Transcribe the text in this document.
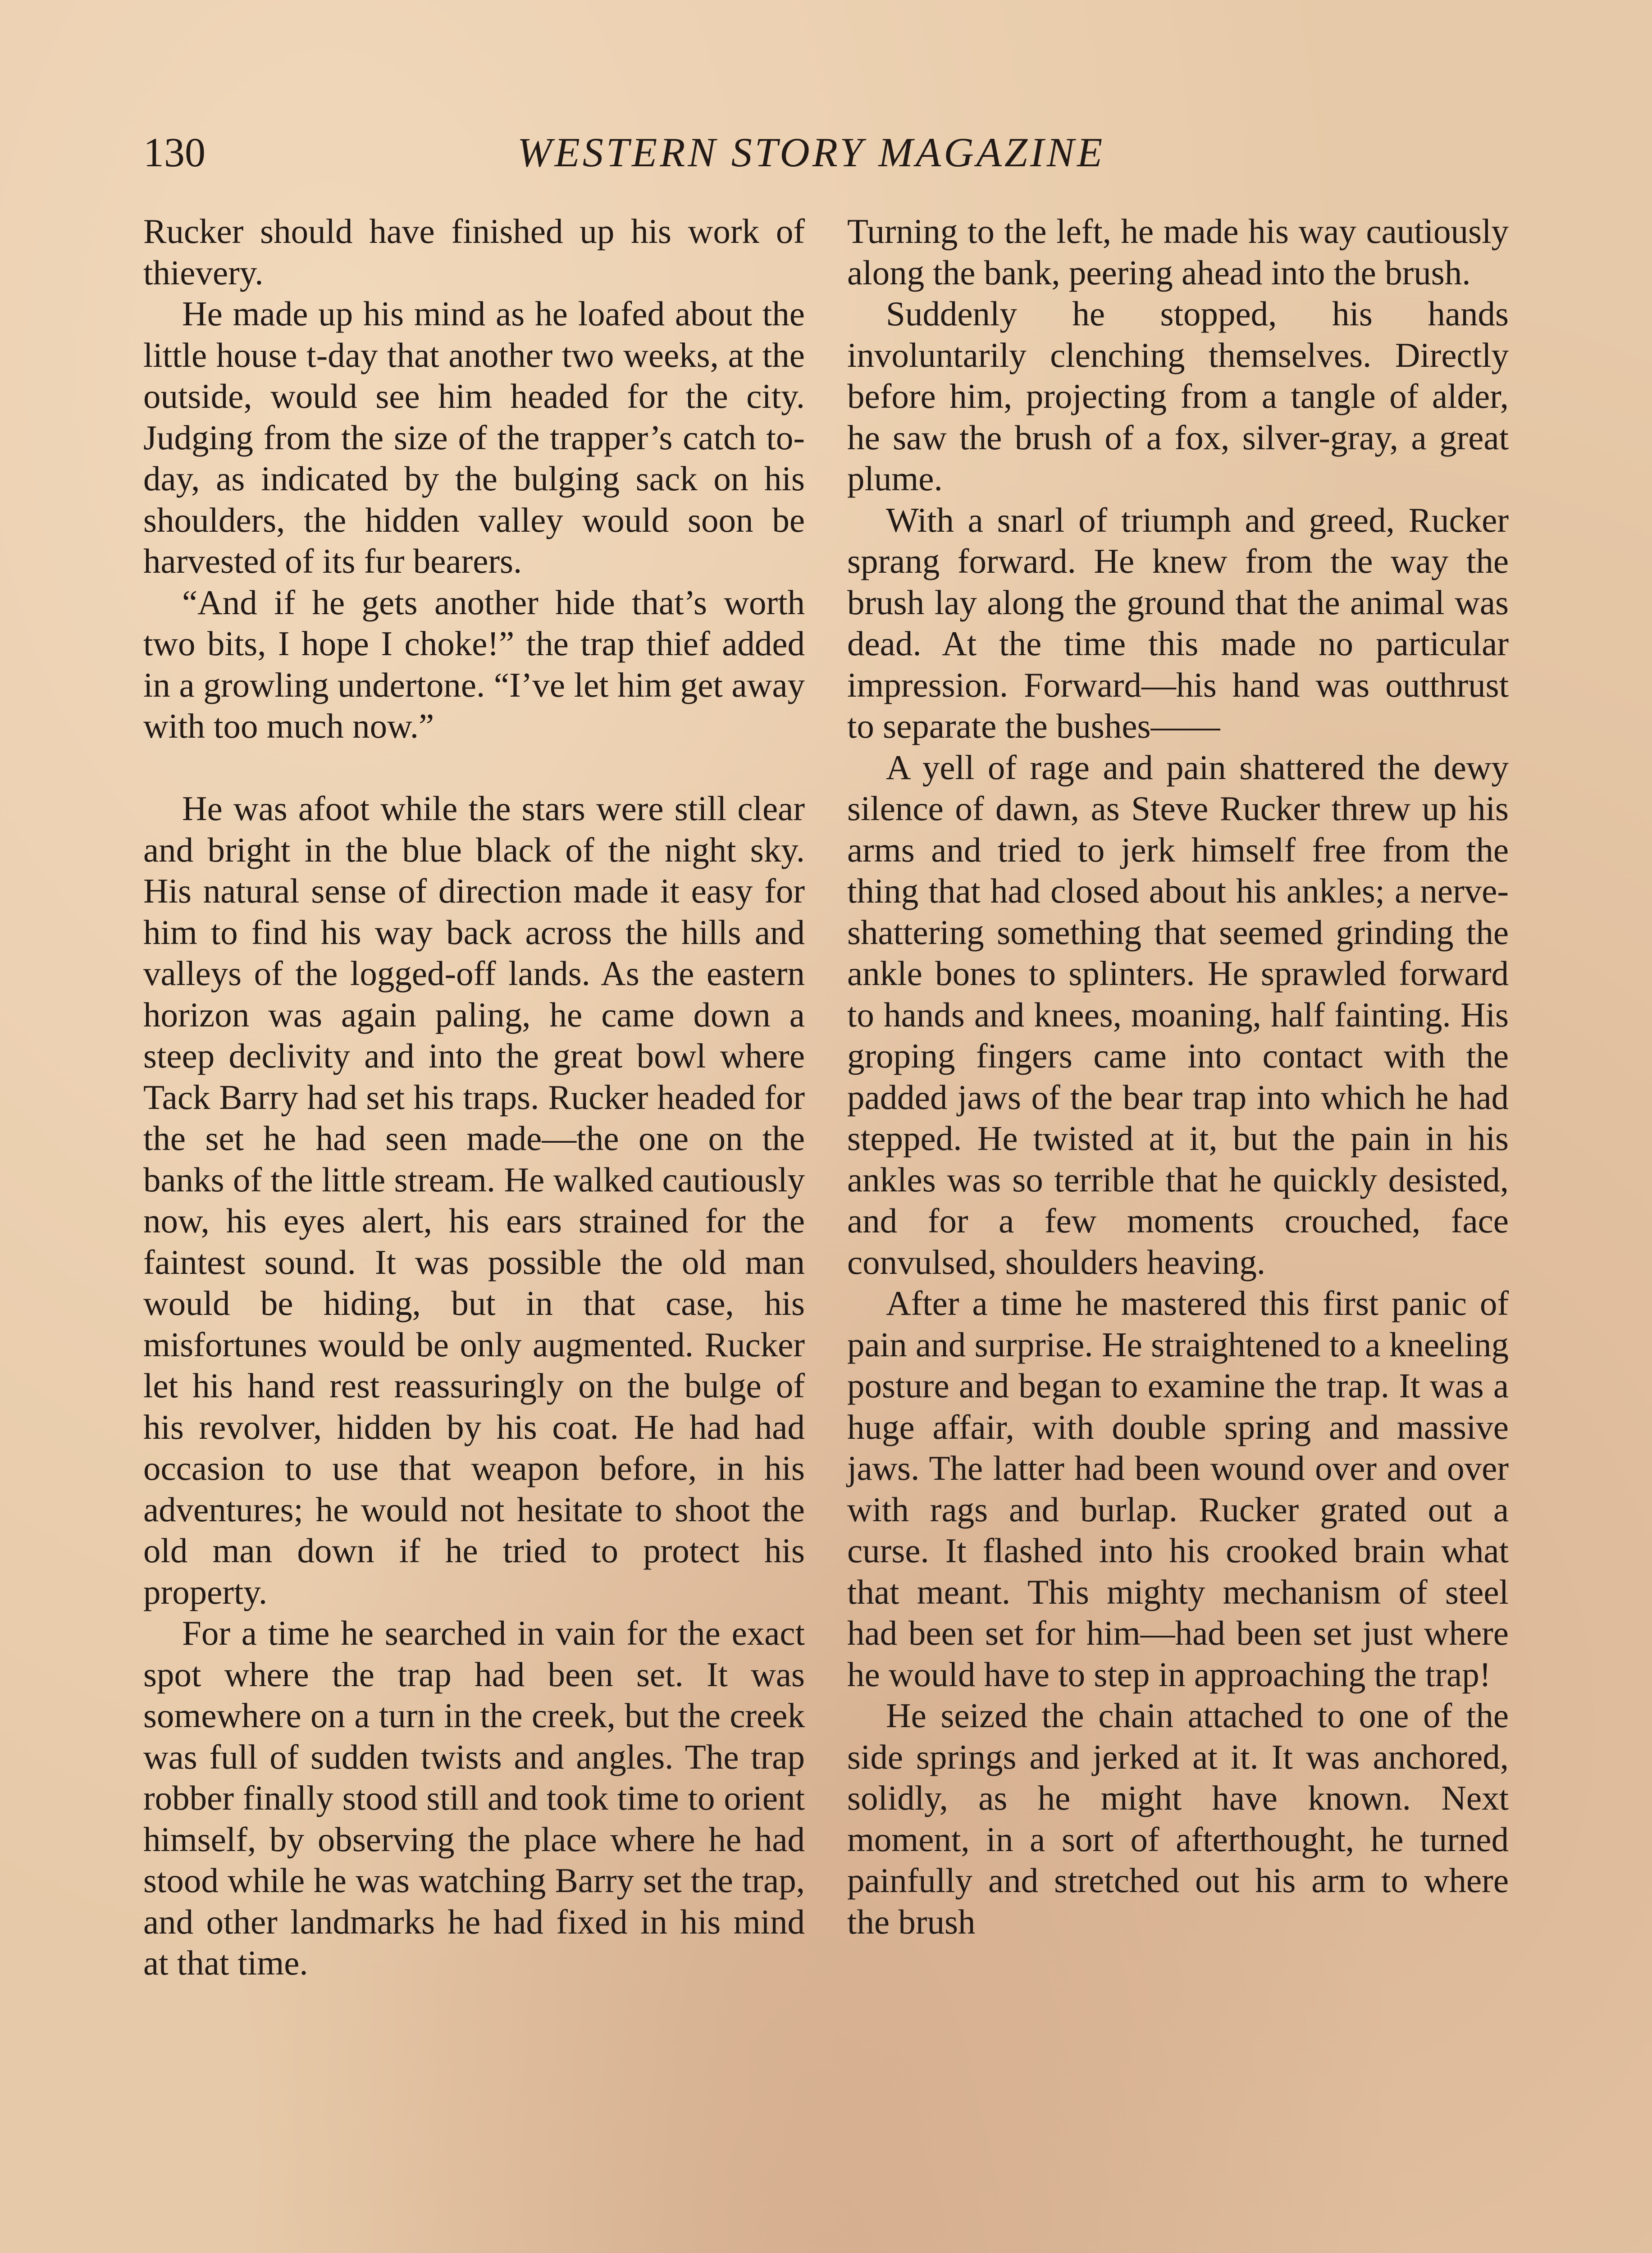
130	WESTERN STORY MAGAZINE

Rucker should have finished up his work of thievery.

He made up his mind as he loafed about the little house t-day that another two weeks, at the outside, would see him headed for the city. Judging from the size of the trapper’s catch to-day, as indicated by the bulging sack on his shoulders, the hidden valley would soon be harvested of its fur bearers.

“And if he gets another hide that’s worth two bits, I hope I choke!” the trap thief added in a growling undertone. “I’ve let him get away with too much now.”

He was afoot while the stars were still clear and bright in the blue black of the night sky. His natural sense of direction made it easy for him to find his way back across the hills and valleys of the logged-off lands. As the eastern horizon was again paling, he came down a steep declivity and into the great bowl where Tack Barry had set his traps. Rucker headed for the set he had seen made—the one on the banks of the little stream. He walked cautiously now, his eyes alert, his ears strained for the faintest sound. It was possible the old man would be hiding, but in that case, his misfortunes would be only augmented. Rucker let his hand rest reassuringly on the bulge of his revolver, hidden by his coat. He had had occasion to use that weapon before, in his adventures; he would not hesitate to shoot the old man down if he tried to protect his property.

For a time he searched in vain for the exact spot where the trap had been set. It was somewhere on a turn in the creek, but the creek was full of sudden twists and angles. The trap robber finally stood still and took time to orient himself, by observing the place where he had stood while he was watching Barry set the trap, and other landmarks he had fixed in his mind at that time.

Turning to the left, he made his way cautiously along the bank, peering ahead into the brush.

Suddenly he stopped, his hands involuntarily clenching themselves. Directly before him, projecting from a tangle of alder, he saw the brush of a fox, silver-gray, a great plume.

With a snarl of triumph and greed, Rucker sprang forward. He knew from the way the brush lay along the ground that the animal was dead. At the time this made no particular impression. Forward—his hand was outthrust to separate the bushes——

A yell of rage and pain shattered the dewy silence of dawn, as Steve Rucker threw up his arms and tried to jerk himself free from the thing that had closed about his ankles; a nerve-shattering something that seemed grinding the ankle bones to splinters. He sprawled forward to hands and knees, moaning, half fainting. His groping fingers came into contact with the padded jaws of the bear trap into which he had stepped. He twisted at it, but the pain in his ankles was so terrible that he quickly desisted, and for a few moments crouched, face convulsed, shoulders heaving.

After a time he mastered this first panic of pain and surprise. He straightened to a kneeling posture and began to examine the trap. It was a huge affair, with double spring and massive jaws. The latter had been wound over and over with rags and burlap. Rucker grated out a curse. It flashed into his crooked brain what that meant. This mighty mechanism of steel had been set for him—had been set just where he would have to step in approaching the trap!

He seized the chain attached to one of the side springs and jerked at it. It was anchored, solidly, as he might have known. Next moment, in a sort of afterthought, he turned painfully and stretched out his arm to where the brush
